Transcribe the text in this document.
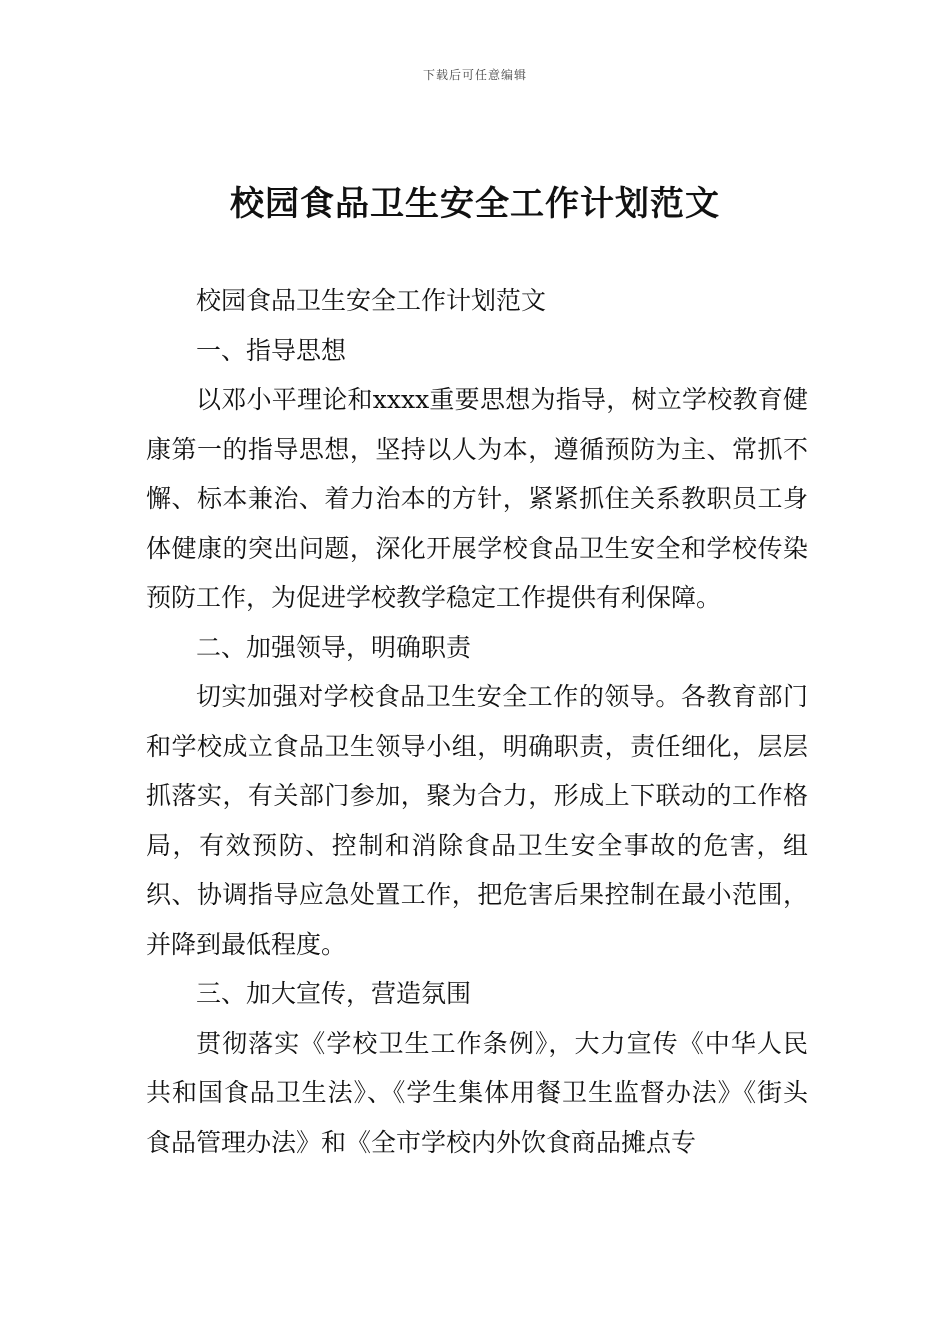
下载后可任意编辑
校园食品卫生安全工作计划范文

校园食品卫生安全工作计划范文

一、指导思想

以邓小平理论和xxxx重要思想为指导，树立学校教育健康第一的指导思想，坚持以人为本，遵循预防为主、常抓不懈、标本兼治、着力治本的方针，紧紧抓住关系教职员工身体健康的突出问题，深化开展学校食品卫生安全和学校传染预防工作，为促进学校教学稳定工作提供有利保障。

二、加强领导，明确职责

切实加强对学校食品卫生安全工作的领导。各教育部门和学校成立食品卫生领导小组，明确职责，责任细化，层层抓落实，有关部门参加，聚为合力，形成上下联动的工作格局，有效预防、控制和消除食品卫生安全事故的危害，组织、协调指导应急处置工作，把危害后果控制在最小范围，并降到最低程度。

三、加大宣传，营造氛围

贯彻落实《学校卫生工作条例》，大力宣传《中华人民共和国食品卫生法》、《学生集体用餐卫生监督办法》《街头食品管理办法》和《全市学校内外饮食商品摊点专
